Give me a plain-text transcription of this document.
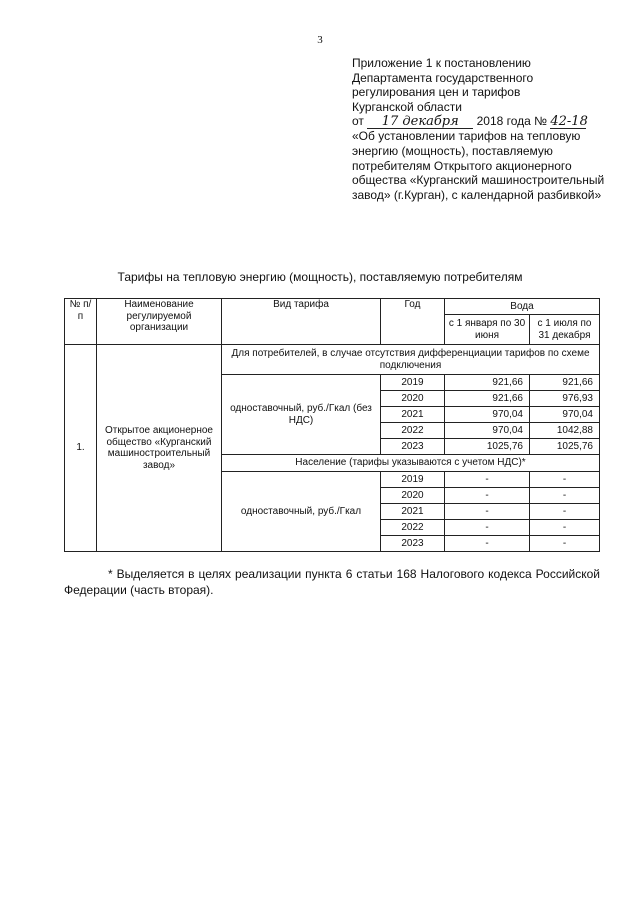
3
Приложение 1 к постановлению
Департамента государственного
регулирования цен и тарифов
Курганской области
от 17 декабря 2018 года № 42-18
«Об установлении тарифов на тепловую энергию (мощность), поставляемую потребителям Открытого акционерного общества «Курганский машиностроительный завод» (г.Курган), с календарной разбивкой»
Тарифы на тепловую энергию (мощность), поставляемую потребителям
№ п/п	Наименование регулируемой организации	Вид тарифа	Год	Вода	
				с 1 января по 30 июня	с 1 июля по 31 декабря
1.	Открытое акционерное общество «Курганский машиностроительный завод»	Для потребителей, в случае отсутствия дифференциации тарифов по схеме подключения			
		одноставочный, руб./Гкал (без НДС)	2019	921,66	921,66
			2020	921,66	976,93
			2021	970,04	970,04
			2022	970,04	1042,88
			2023	1025,76	1025,76
		Население (тарифы указываются с учетом НДС)*			
		одноставочный, руб./Гкал	2019	-	-
			2020	-	-
			2021	-	-
			2022	-	-
			2023	-	-
* Выделяется в целях реализации пункта 6 статьи 168 Налогового кодекса Российской Федерации (часть вторая).
